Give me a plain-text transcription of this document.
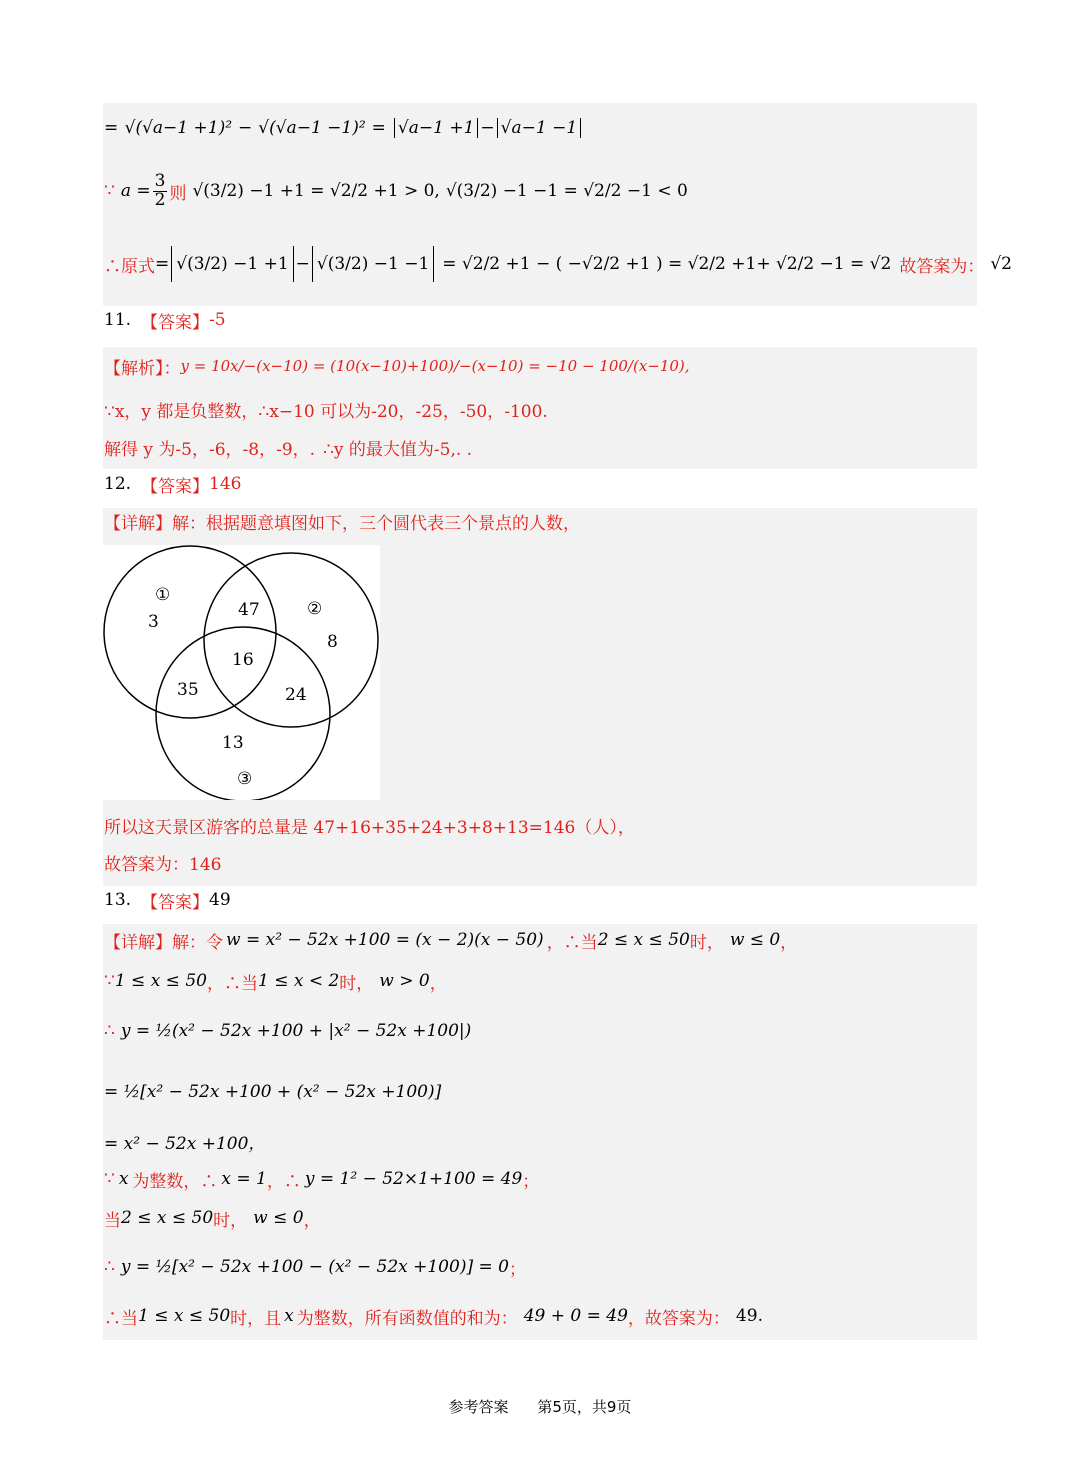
=
√(√a−1 +1)² − √(√a−1 −1)² = √a−1 +1 − √a−1 −1
∵ $a = \frac{3}{2}$ 则 √(3/2) −1 +1 = √2/2 +1 > 0, √(3/2) −1 −1 = √2/2 −1 < 0
∴原式 = √(3/2) −1 +1 − √(3/2) −1 −1 = √2/2 +1 − ( −√2/2 +1 ) = √2/2 +1+ √2/2 −1 = √2 故答案为： √2
11 . 【答案】 -5
【解析】： y = 10x/−(x−10) = (10(x−10)+100)/−(x−10) = −10 − 100/(x−10),
∵x，y 都是负整数， ∴x−10 可以为-20，-25，-50，-100.
解得 y 为-5，-6，-8，-9，. ∴y 的最大值为-5,. .
12. 【答案】 146
【详解】 解：根据题意填图如下，三个圆代表三个景点的人数，
①
②
③
3
8
13
47
35	24
16
所以这天景区游客的总量是 47+16+35+24+3+8+13=146（人），
故答案为：146
13. 【答案】 49
【详解】 解：令 w = x² − 52x +100 = (x − 2)(x − 50) ，∴当 2 ≤ x ≤ 50 时， w ≤ 0 ，
∵ 1 ≤ x ≤ 50 ，∴当 1 ≤ x < 2 时， w > 0 ，
∴ y = ½(x² − 52x +100 + |x² − 52x +100|)
= ½[x² − 52x +100 + (x² − 52x +100)]
= x² − 52x +100，
∵ x 为整数，∴ x = 1 ，∴ y = 1² − 52×1+100 = 49 ；
当 2 ≤ x ≤ 50 时， w ≤ 0 ，
∴ y = ½[x² − 52x +100 − (x² − 52x +100)] = 0 ；
∴当 1 ≤ x ≤ 50 时，且 x 为整数，所有函数值的和为： 49 + 0 = 49 ，故答案为： 49 .
参考答案 第5页，共9页
